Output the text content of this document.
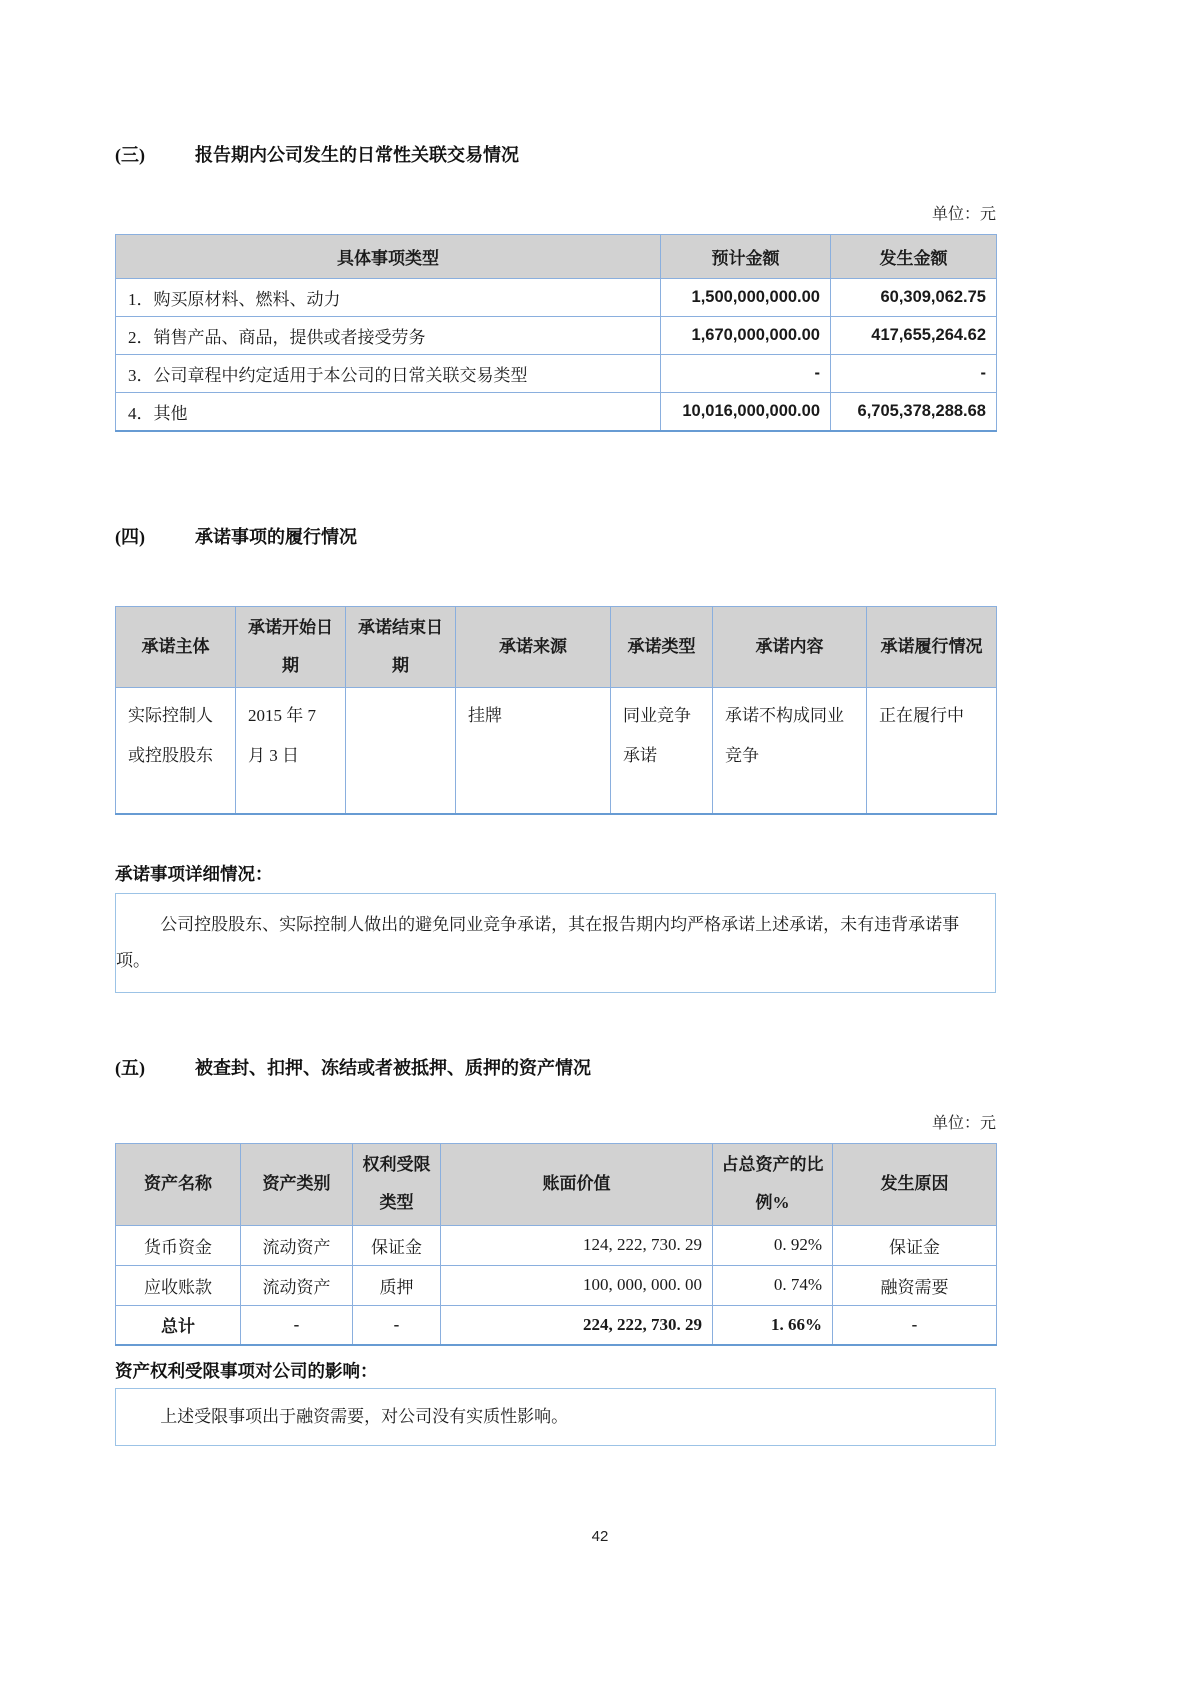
(三)	报告期内公司发生的日常性关联交易情况
单位：元
具体事项类型	预计金额	发生金额
1．购买原材料、燃料、动力	1,500,000,000.00	60,309,062.75
2．销售产品、商品，提供或者接受劳务	1,670,000,000.00	417,655,264.62
3．公司章程中约定适用于本公司的日常关联交易类型	-	-
4．其他	10,016,000,000.00	6,705,378,288.68
(四)	承诺事项的履行情况
承诺主体	承诺开始日期	承诺结束日期	承诺来源	承诺类型	承诺内容	承诺履行情况
实际控制人或控股股东	2015 年 7 月 3 日		挂牌	同业竞争承诺	承诺不构成同业竞争	正在履行中
承诺事项详细情况：

公司控股股东、实际控制人做出的避免同业竞争承诺，其在报告期内均严格承诺上述承诺，未有违背承诺事项。

(五)	被查封、扣押、冻结或者被抵押、质押的资产情况
单位：元
资产名称	资产类别	权利受限类型	账面价值	占总资产的比例%	发生原因
货币资金	流动资产	保证金	124, 222, 730. 29	0. 92%	保证金
应收账款	流动资产	质押	100, 000, 000. 00	0. 74%	融资需要
总计	-	-	224, 222, 730. 29	1. 66%	-
资产权利受限事项对公司的影响：

上述受限事项出于融资需要，对公司没有实质性影响。

42
